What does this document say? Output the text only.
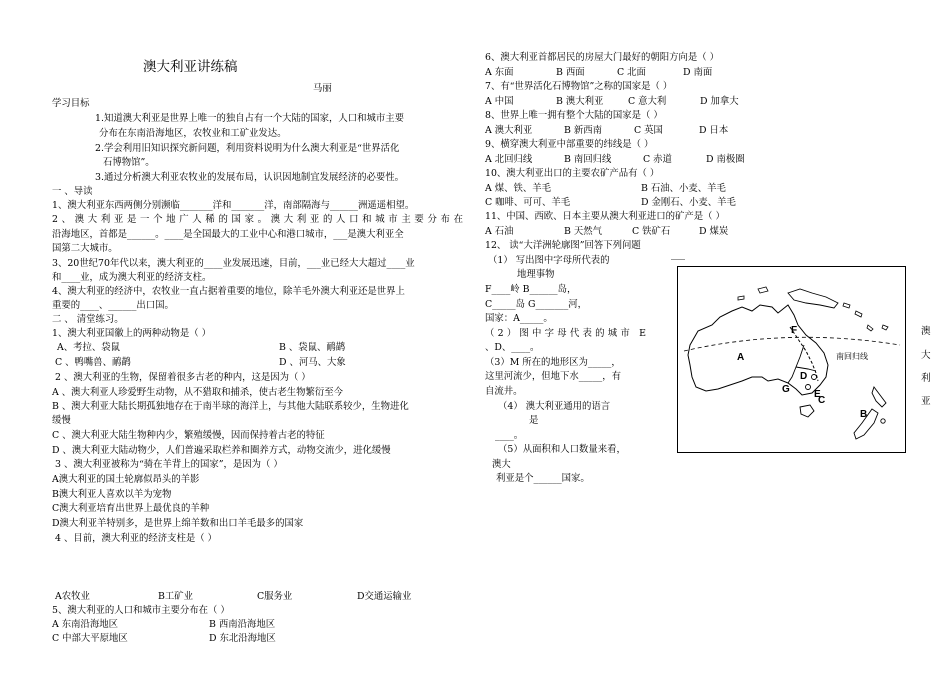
澳大利亚讲练稿
马丽
学习目标
1.知道澳大利亚是世界上唯一的独自占有一个大陆的国家，人口和城市主要
分布在东南沿海地区，农牧业和工矿业发达。
2.学会利用旧知识探究新问题，利用资料说明为什么澳大利亚是“世界活化
石博物馆”。
3.通过分析澳大利亚农牧业的发展布局，认识因地制宜发展经济的必要性。
一 、导读
1、澳大利亚东西两侧分别濒临_______洋和_______洋，南部隔海与______洲遥遥相望。
2、澳大利亚是一个地广人稀的国家。澳大利亚的人口和城市主要分布在
沿海地区，首都是______。____是全国最大的工业中心和港口城市，___是澳大利亚全
国第二大城市。
3、20世纪70年代以来，澳大利亚的____业发展迅速，目前，___业已经大大超过____业
和____业，成为澳大利亚的经济支柱。
4、澳大利亚的经济中，农牧业一直占据着重要的地位，除羊毛外澳大利亚还是世界上
重要的____、______出口国。
二 、 清堂练习。
1、澳大利亚国徽上的两种动物是（ ）
A、考拉、袋鼠	B 、袋鼠、鸸鹋
C 、鸭嘴兽、鸸鹋	D 、河马、大象
2 、澳大利亚的生物，保留着很多古老的种内，这是因为（ ）
A 、澳大利亚人珍爱野生动物，从不猎取和捕杀，使古老生物繁衍至今
B 、澳大利亚大陆长期孤独地存在于南半球的海洋上，与其他大陆联系较少，生物进化
缓慢
C 、澳大利亚大陆生物种内少，繁殖缓慢，因而保持着古老的特征
D 、澳大利亚大陆动物少，人们普遍采取栏养和圈养方式，动物交流少，进化缓慢
3 、澳大利亚被称为“骑在羊背上的国家”，是因为（ ）
A澳大利亚的国土轮廓似昂头的羊影
B澳大利亚人喜欢以羊为宠物
C澳大利亚培育出世界上最优良的羊种
D澳大利亚羊特别多，是世界上绵羊数和出口羊毛最多的国家
4 、目前，澳大利亚的经济支柱是（ ）
A农牧业	B工矿业	C服务业	D交通运输业
5、澳大利亚的人口和城市主要分布在（ ）
A 东南沿海地区	B 西南沿海地区
C 中部大平原地区	D 东北沿海地区
6、澳大利亚首都居民的房屋大门最好的朝阳方向是（ ）
A 东面	B 西面	C 北面	D 南面
7、有“世界活化石博物馆”之称的国家是（ ）
A 中国	B 澳大利亚	C 意大利	D 加拿大
8、世界上唯一拥有整个大陆的国家是（ ）
A 澳大利亚	B 新西南	C 英国	D 日本
9、横穿澳大利亚中部重要的纬线是（ ）
A 北回归线	B 南回归线	C 赤道	D 南极圈
10、澳大利亚出口的主要农矿产品有（ ）
A 煤、铁、羊毛	B 石油、小麦、羊毛
C 咖啡、可可、羊毛	D 金刚石、小麦、羊毛
11、中国、西欧、日本主要从澳大利亚进口的矿产是（ ）
A 石油	B 天然气	C 铁矿石	D 煤炭
12、 读“大洋洲轮廓图”回答下列问题
（1） 写出图中字母所代表的
地理事物
F____岭 B______岛，
C_____岛 G_______河，
国家：A_____。
（2）图中字母代表的城市 E
、D、____。
（3）M 所在的地形区为_____，
这里河流少，但地下水_____，有
自流井。
（4） 澳大利亚通用的语言
是
____。
（5）从面积和人口数量来看，
澳大
利亚是个______国家。
A
B
C
D
E
F
G
南回归线
澳
大
利
亚
